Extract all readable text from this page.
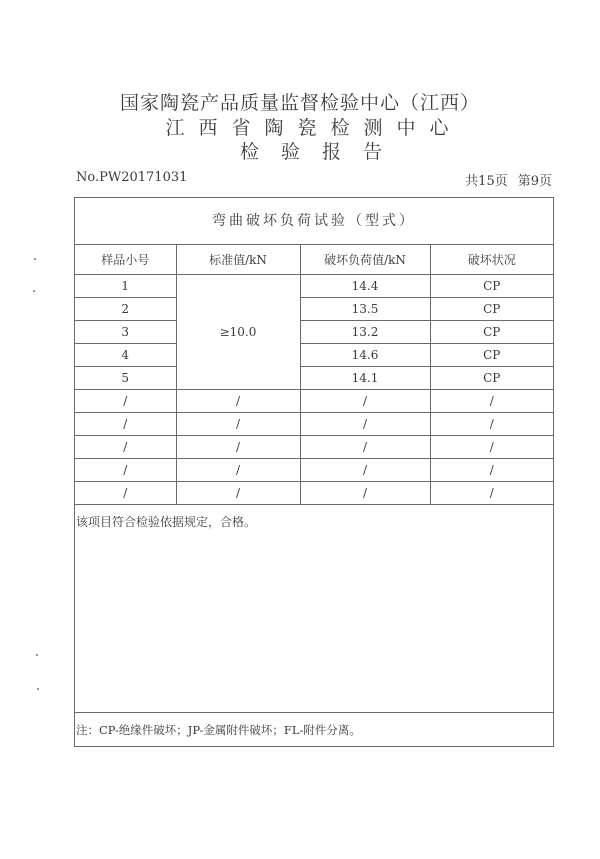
国家陶瓷产品质量监督检验中心（江西）
江西省陶瓷检测中心
检验报告
No.PW20171031	共15页 第9页
弯曲破坏负荷试验（型式）
样品小号	标准值/kN	破坏负荷值/kN	破坏状况
1	≥10.0	14.4	CP
2		13.5	CP
3		13.2	CP
4		14.6	CP
5		14.1	CP
/	/	/	/
/	/	/	/
/	/	/	/
/	/	/	/
/	/	/	/
该项目符合检验依据规定，合格。
注：CP-绝缘件破坏；JP-金属附件破坏；FL-附件分离。
